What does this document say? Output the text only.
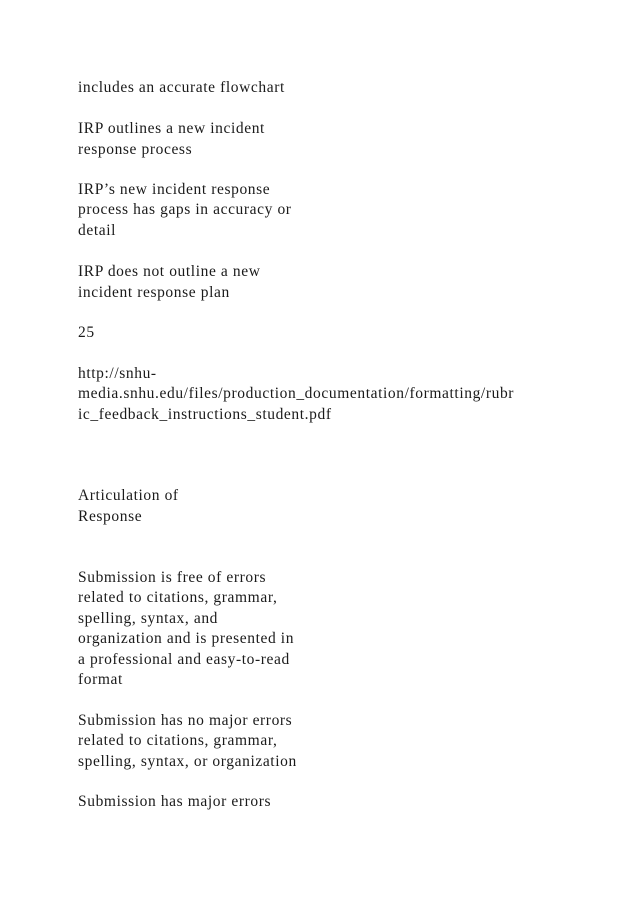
includes an accurate flowchart
IRP outlines a new incident
response process
IRP’s new incident response
process has gaps in accuracy or
detail
IRP does not outline a new
incident response plan
25
http://snhu-
media.snhu.edu/files/production_documentation/formatting/rubr
ic_feedback_instructions_student.pdf
Articulation of
Response
Submission is free of errors
related to citations, grammar,
spelling, syntax, and
organization and is presented in
a professional and easy-to-read
format
Submission has no major errors
related to citations, grammar,
spelling, syntax, or organization
Submission has major errors
